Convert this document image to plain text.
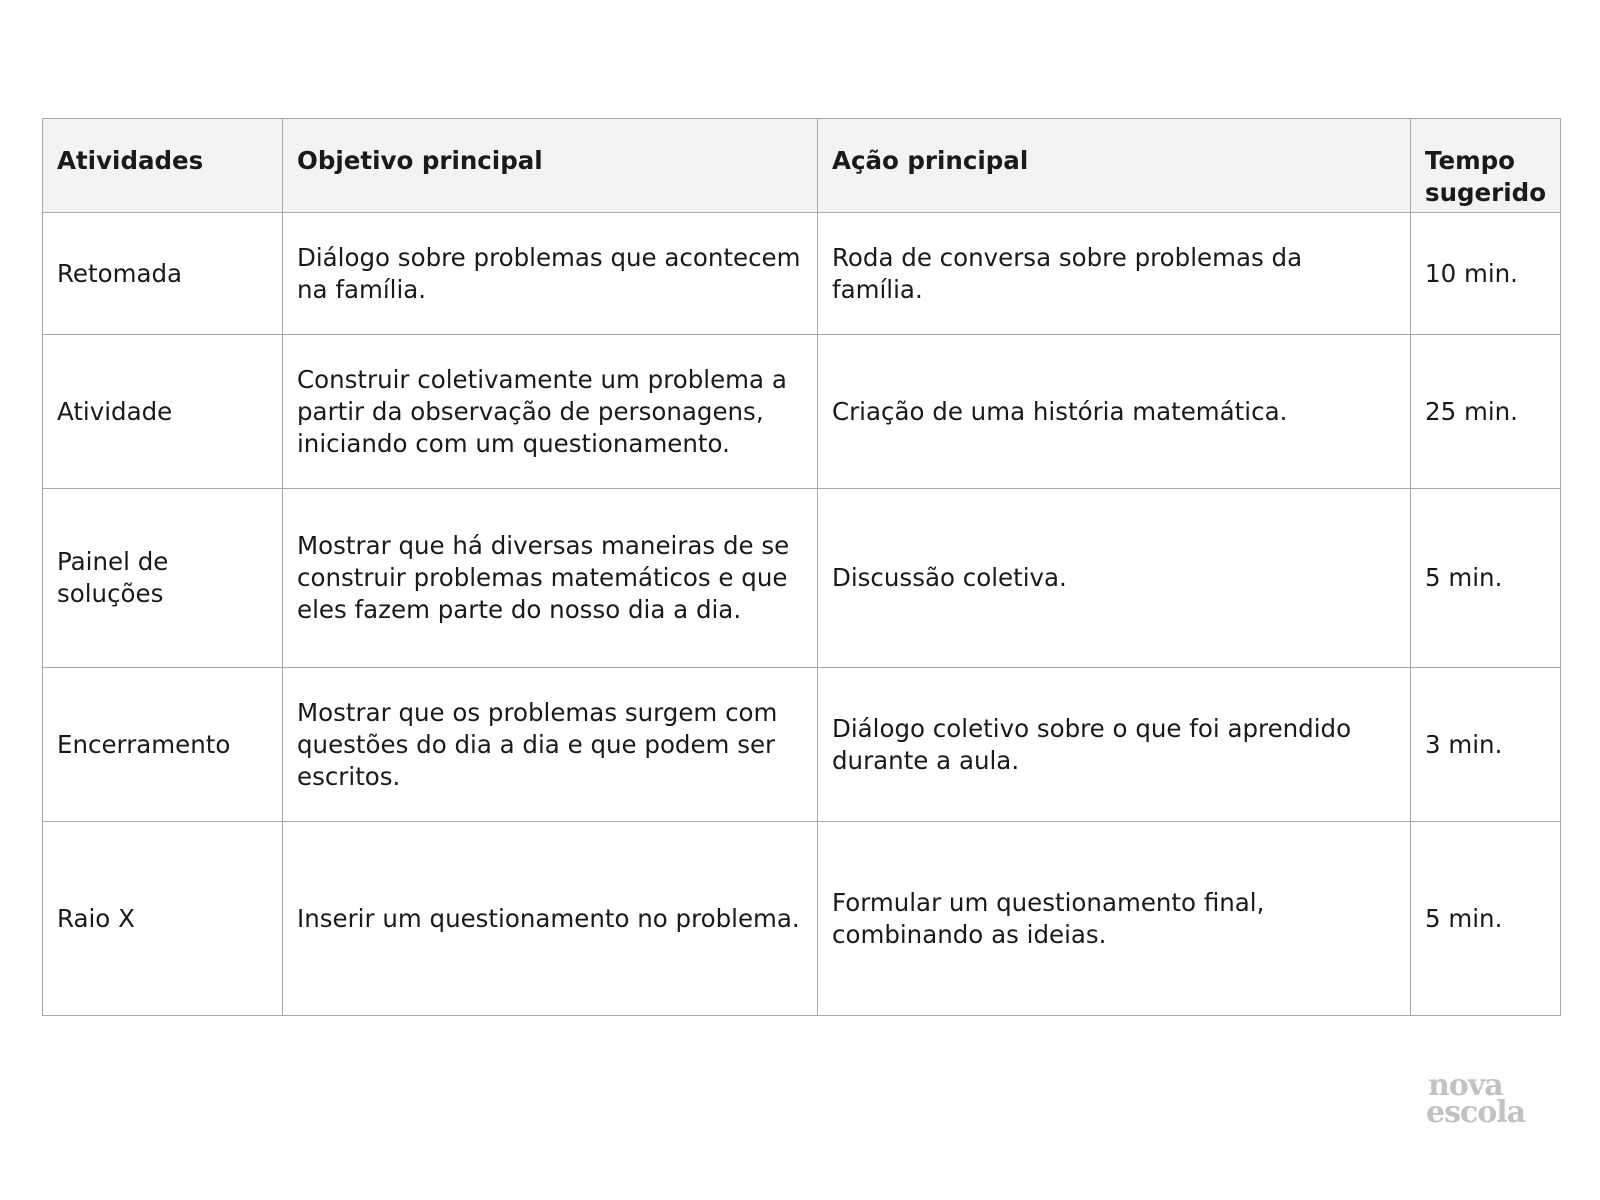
Atividades	Objetivo principal	Ação principal	Tempo sugerido
Retomada	Diálogo sobre problemas que acontecem na família.	Roda de conversa sobre problemas da família.	10 min.
Atividade	Construir coletivamente um problema a partir da observação de personagens, iniciando com um questionamento.	Criação de uma história matemática.	25 min.
Painel de soluções	Mostrar que há diversas maneiras de se construir problemas matemáticos e que eles fazem parte do nosso dia a dia.	Discussão coletiva.	5 min.
Encerramento	Mostrar que os problemas surgem com questões do dia a dia e que podem ser escritos.	Diálogo coletivo sobre o que foi aprendido durante a aula.	3 min.
Raio X	Inserir um questionamento no problema.	Formular um questionamento final, combinando as ideias.	5 min.
nova
escola
